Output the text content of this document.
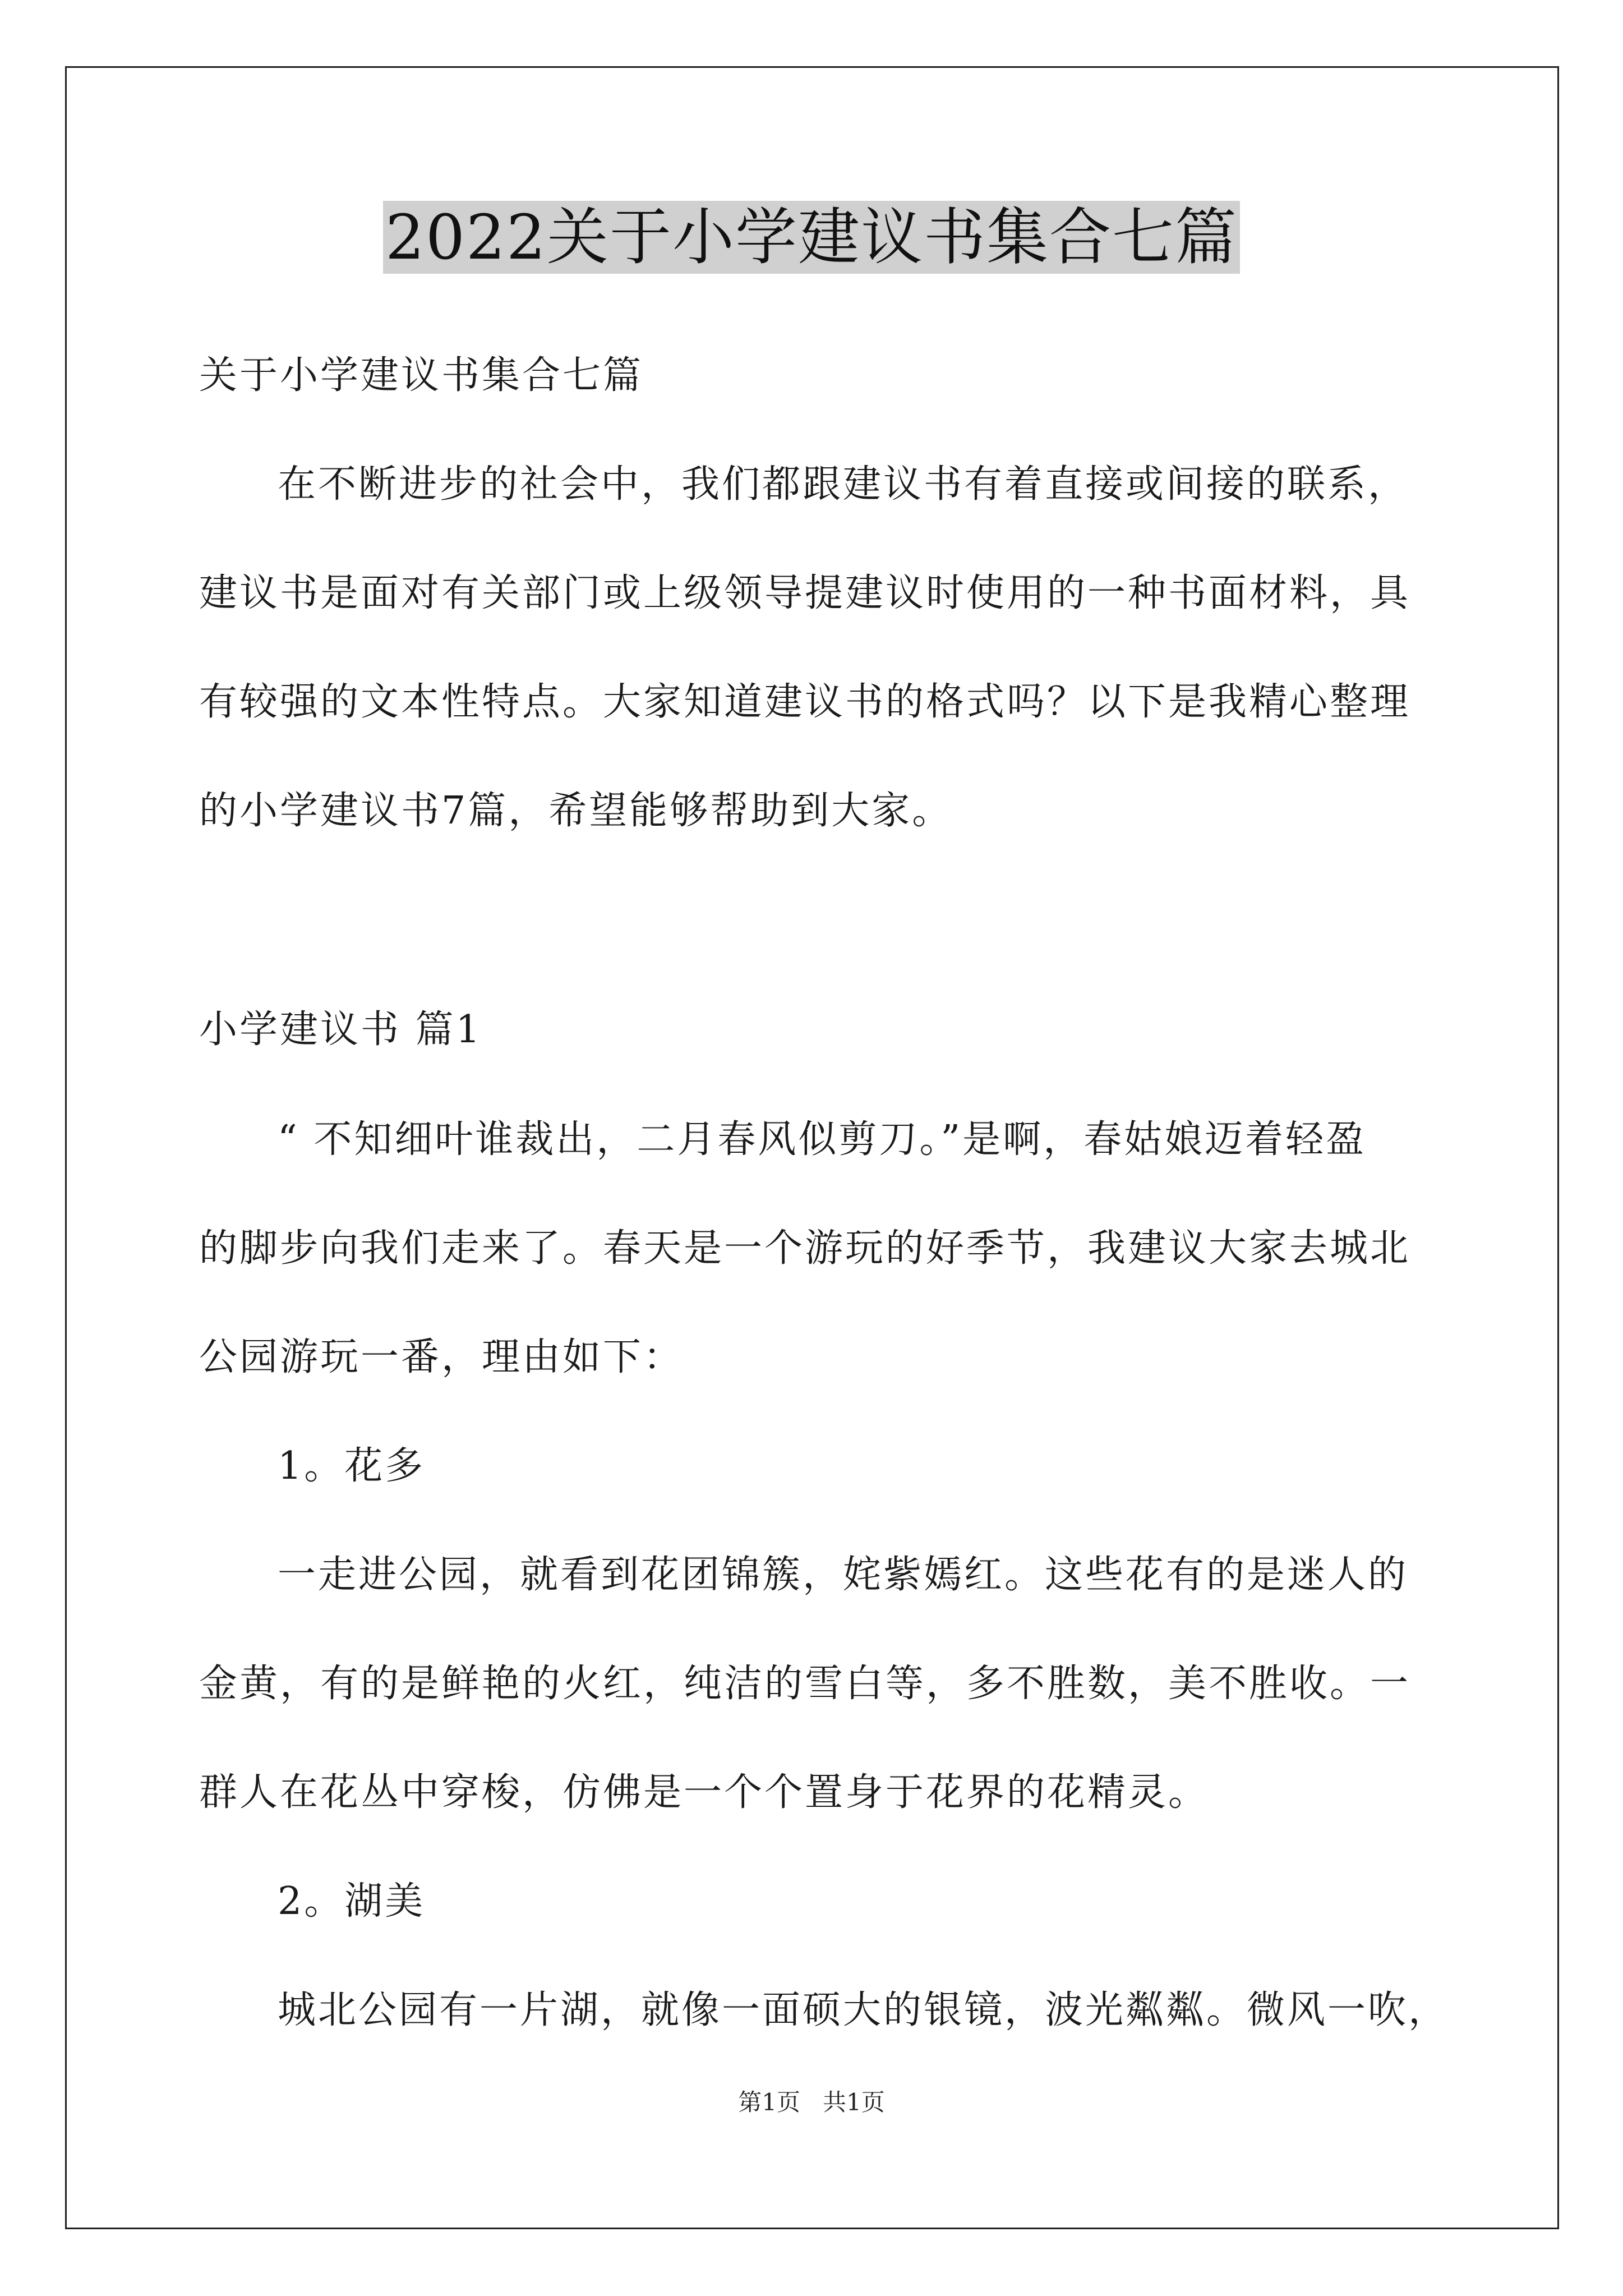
2022关于小学建议书集合七篇
关于小学建议书集合七篇
在不断进步的社会中，我们都跟建议书有着直接或间接的联系，
建议书是面对有关部门或上级领导提建议时使用的一种书面材料，具
有较强的文本性特点。大家知道建议书的格式吗？以下是我精心整理
的小学建议书7篇，希望能够帮助到大家。
小学建议书 篇1
“ 不知细叶谁裁出，二月春风似剪刀。”是啊，春姑娘迈着轻盈
的脚步向我们走来了。春天是一个游玩的好季节，我建议大家去城北
公园游玩一番，理由如下：
1。花多
一走进公园，就看到花团锦簇，姹紫嫣红。这些花有的是迷人的
金黄，有的是鲜艳的火红，纯洁的雪白等，多不胜数，美不胜收。一
群人在花丛中穿梭，仿佛是一个个置身于花界的花精灵。
2。湖美
城北公园有一片湖，就像一面硕大的银镜，波光粼粼。微风一吹，
第1页   共1页
